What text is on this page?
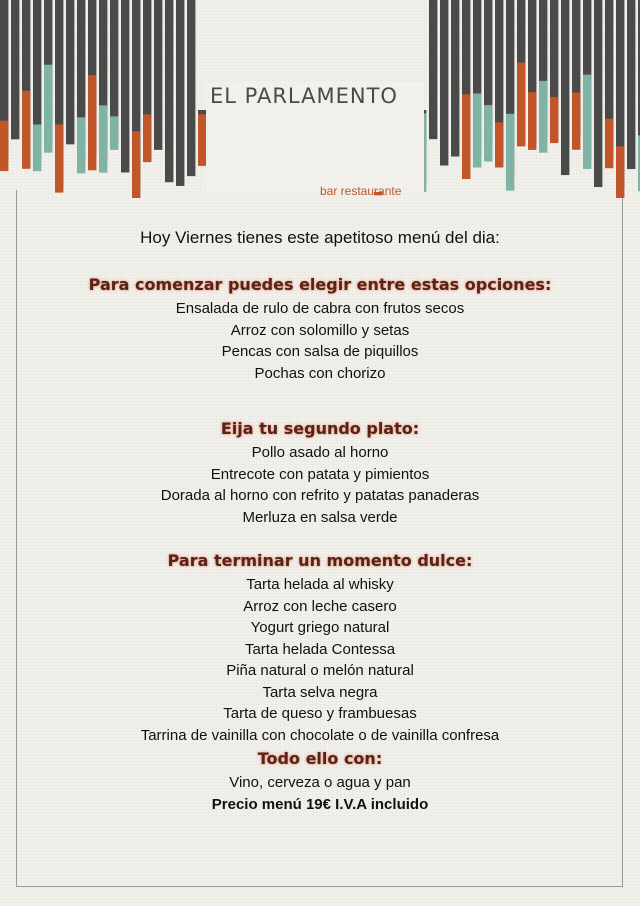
EL PARLAMENTO
bar restaurante

Hoy Viernes tienes este apetitoso menú del dia:

Para comenzar puedes elegir entre estas opciones:

Ensalada de rulo de cabra con frutos secos

Arroz con solomillo y setas

Pencas con salsa de piquillos

Pochas con chorizo

Eija tu segundo plato:

Pollo asado al horno

Entrecote con patata y pimientos

Dorada al horno con refrito y patatas panaderas

Merluza en salsa verde

Para terminar un momento dulce:

Tarta helada al whisky

Arroz con leche casero

Yogurt griego natural

Tarta helada Contessa

Piña natural o melón natural

Tarta selva negra

Tarta de queso y frambuesas

Tarrina de vainilla con chocolate o de vainilla confresa

Todo ello con:

Vino, cerveza o agua y pan

Precio menú 19€ I.V.A incluido
